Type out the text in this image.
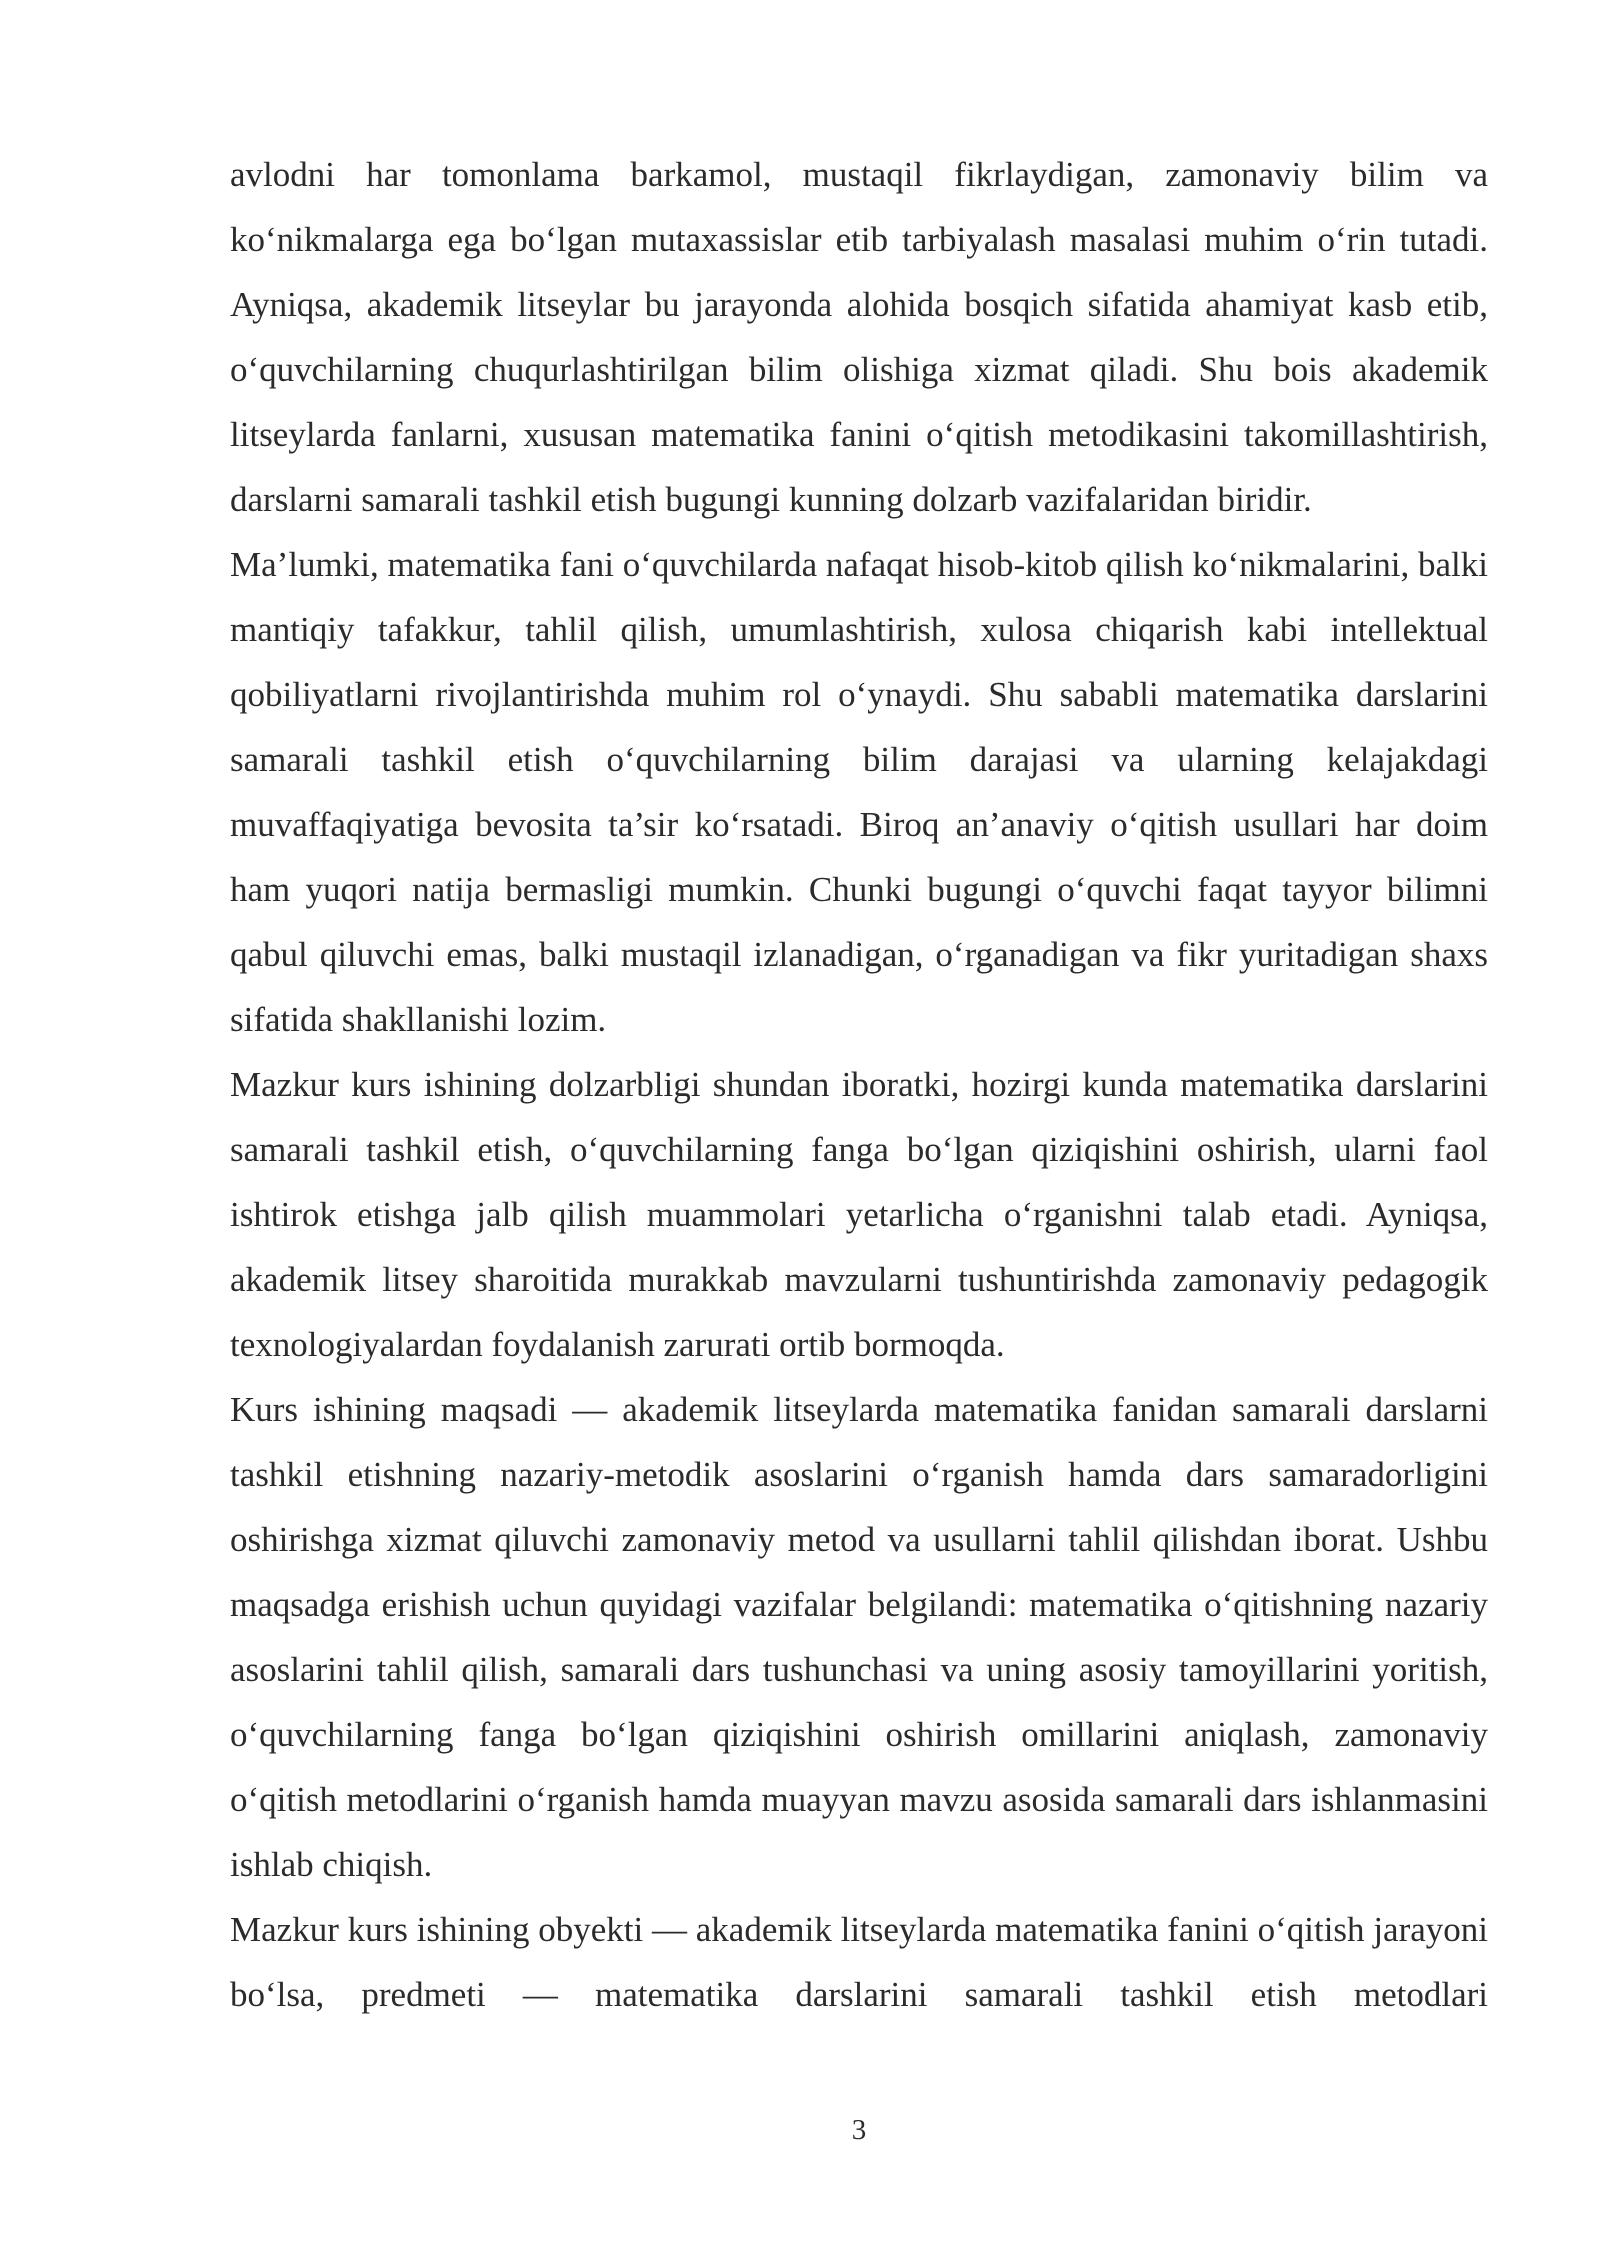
avlodni har tomonlama barkamol, mustaqil fikrlaydigan, zamonaviy bilim va ko‘nikmalarga ega bo‘lgan mutaxassislar etib tarbiyalash masalasi muhim o‘rin tutadi. Ayniqsa, akademik litseylar bu jarayonda alohida bosqich sifatida ahamiyat kasb etib, o‘quvchilarning chuqurlashtirilgan bilim olishiga xizmat qiladi. Shu bois akademik litseylarda fanlarni, xususan matematika fanini o‘qitish metodikasini takomillashtirish, darslarni samarali tashkil etish bugungi kunning dolzarb vazifalaridan biridir.

Ma’lumki, matematika fani o‘quvchilarda nafaqat hisob-kitob qilish ko‘nikmalarini, balki mantiqiy tafakkur, tahlil qilish, umumlashtirish, xulosa chiqarish kabi intellektual qobiliyatlarni rivojlantirishda muhim rol o‘ynaydi. Shu sababli matematika darslarini samarali tashkil etish o‘quvchilarning bilim darajasi va ularning kelajakdagi muvaffaqiyatiga bevosita ta’sir ko‘rsatadi. Biroq an’anaviy o‘qitish usullari har doim ham yuqori natija bermasligi mumkin. Chunki bugungi o‘quvchi faqat tayyor bilimni qabul qiluvchi emas, balki mustaqil izlanadigan, o‘rganadigan va fikr yuritadigan shaxs sifatida shakllanishi lozim.

Mazkur kurs ishining dolzarbligi shundan iboratki, hozirgi kunda matematika darslarini samarali tashkil etish, o‘quvchilarning fanga bo‘lgan qiziqishini oshirish, ularni faol ishtirok etishga jalb qilish muammolari yetarlicha o‘rganishni talab etadi. Ayniqsa, akademik litsey sharoitida murakkab mavzularni tushuntirishda zamonaviy pedagogik texnologiyalardan foydalanish zarurati ortib bormoqda.

Kurs ishining maqsadi — akademik litseylarda matematika fanidan samarali darslarni tashkil etishning nazariy-metodik asoslarini o‘rganish hamda dars samaradorligini oshirishga xizmat qiluvchi zamonaviy metod va usullarni tahlil qilishdan iborat. Ushbu maqsadga erishish uchun quyidagi vazifalar belgilandi: matematika o‘qitishning nazariy asoslarini tahlil qilish, samarali dars tushunchasi va uning asosiy tamoyillarini yoritish, o‘quvchilarning fanga bo‘lgan qiziqishini oshirish omillarini aniqlash, zamonaviy o‘qitish metodlarini o‘rganish hamda muayyan mavzu asosida samarali dars ishlanmasini ishlab chiqish.

Mazkur kurs ishining obyekti — akademik litseylarda matematika fanini o‘qitish jarayoni bo‘lsa, predmeti — matematika darslarini samarali tashkil etish metodlari

3
